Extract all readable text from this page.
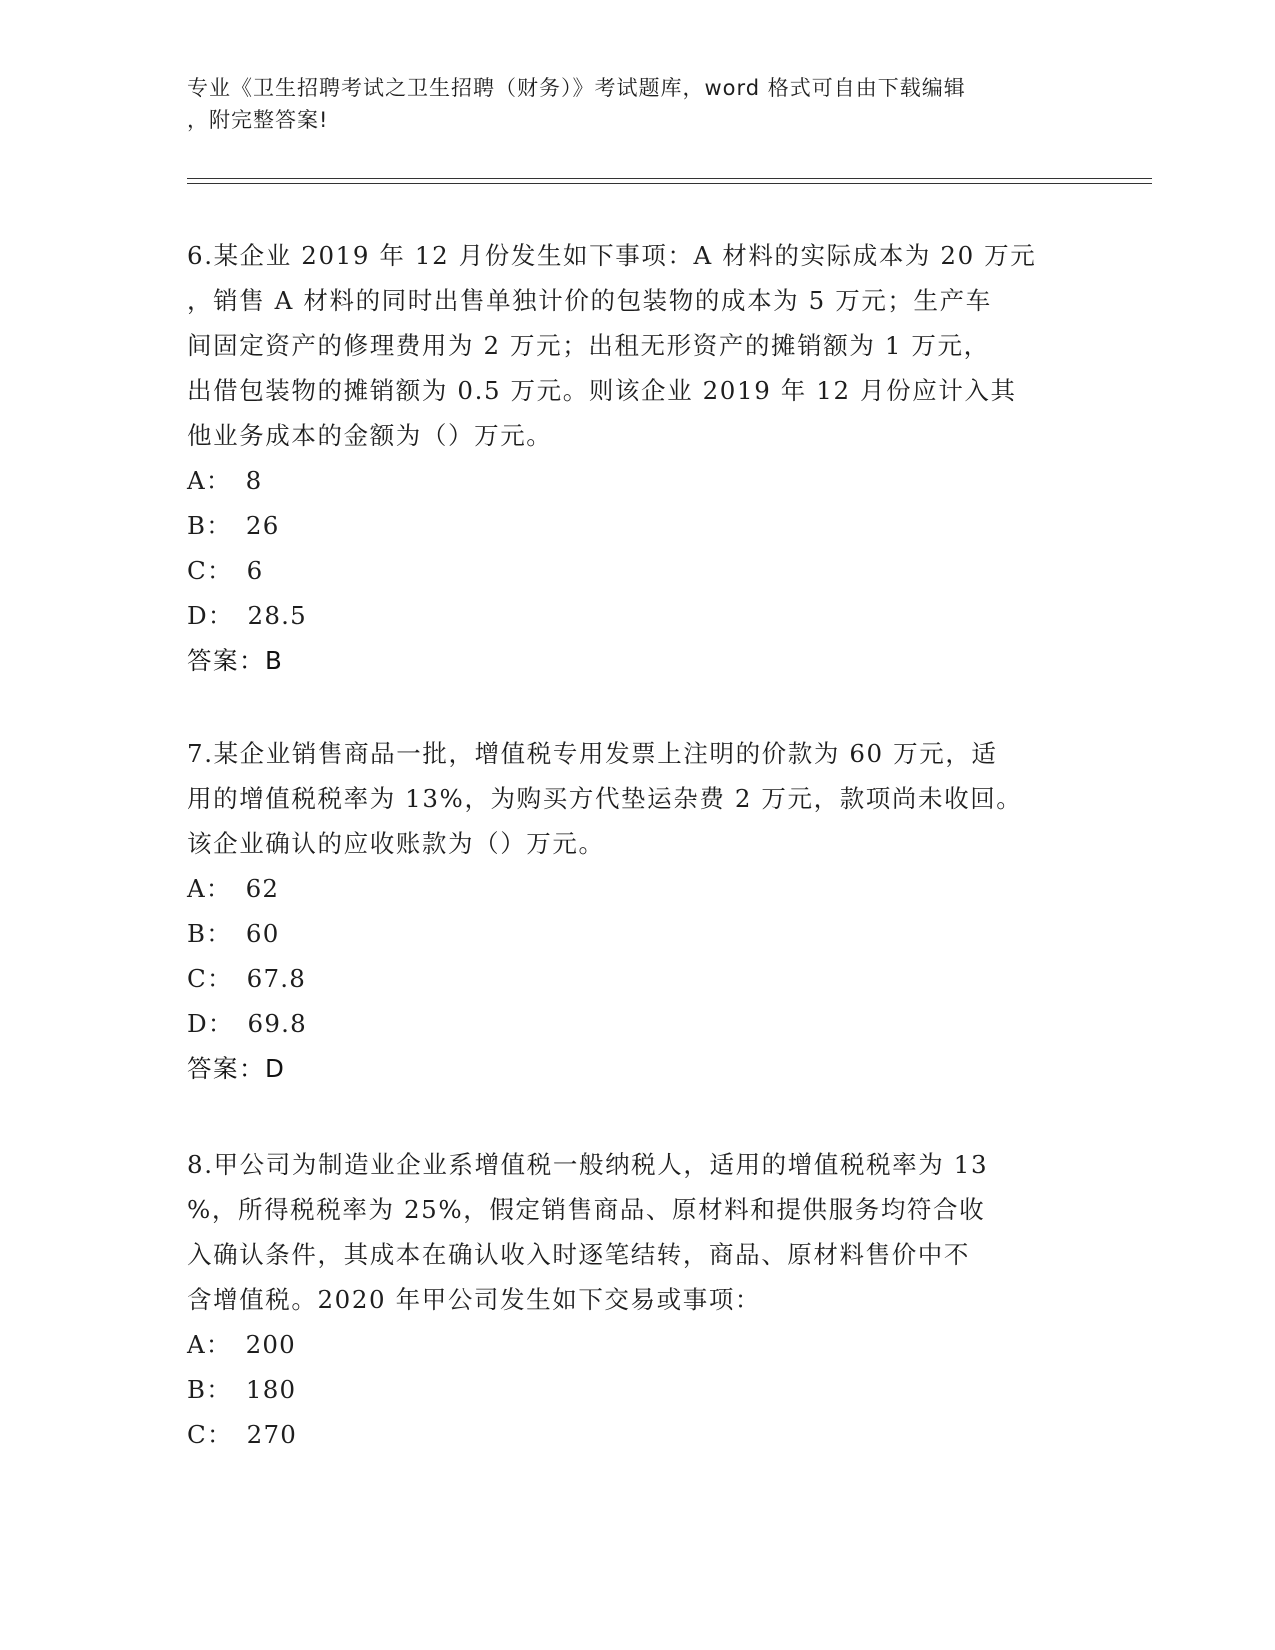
专业《卫生招聘考试之卫生招聘（财务）》考试题库，word 格式可自由下载编辑
，附完整答案!
6.某企业 2019 年 12 月份发生如下事项：A 材料的实际成本为 20 万元
，销售 A 材料的同时出售单独计价的包装物的成本为 5 万元；生产车
间固定资产的修理费用为 2 万元；出租无形资产的摊销额为 1 万元，
出借包装物的摊销额为 0.5 万元。则该企业 2019 年 12 月份应计入其
他业务成本的金额为（）万元。
A： 8
B： 26
C： 6
D： 28.5
答案：B
7.某企业销售商品一批，增值税专用发票上注明的价款为 60 万元，适
用的增值税税率为 13%，为购买方代垫运杂费 2 万元，款项尚未收回。
该企业确认的应收账款为（）万元。
A： 62
B： 60
C： 67.8
D： 69.8
答案：D
8.甲公司为制造业企业系增值税一般纳税人，适用的增值税税率为 13
%，所得税税率为 25%，假定销售商品、原材料和提供服务均符合收
入确认条件，其成本在确认收入时逐笔结转，商品、原材料售价中不
含增值税。2020 年甲公司发生如下交易或事项：
A： 200
B： 180
C： 270
